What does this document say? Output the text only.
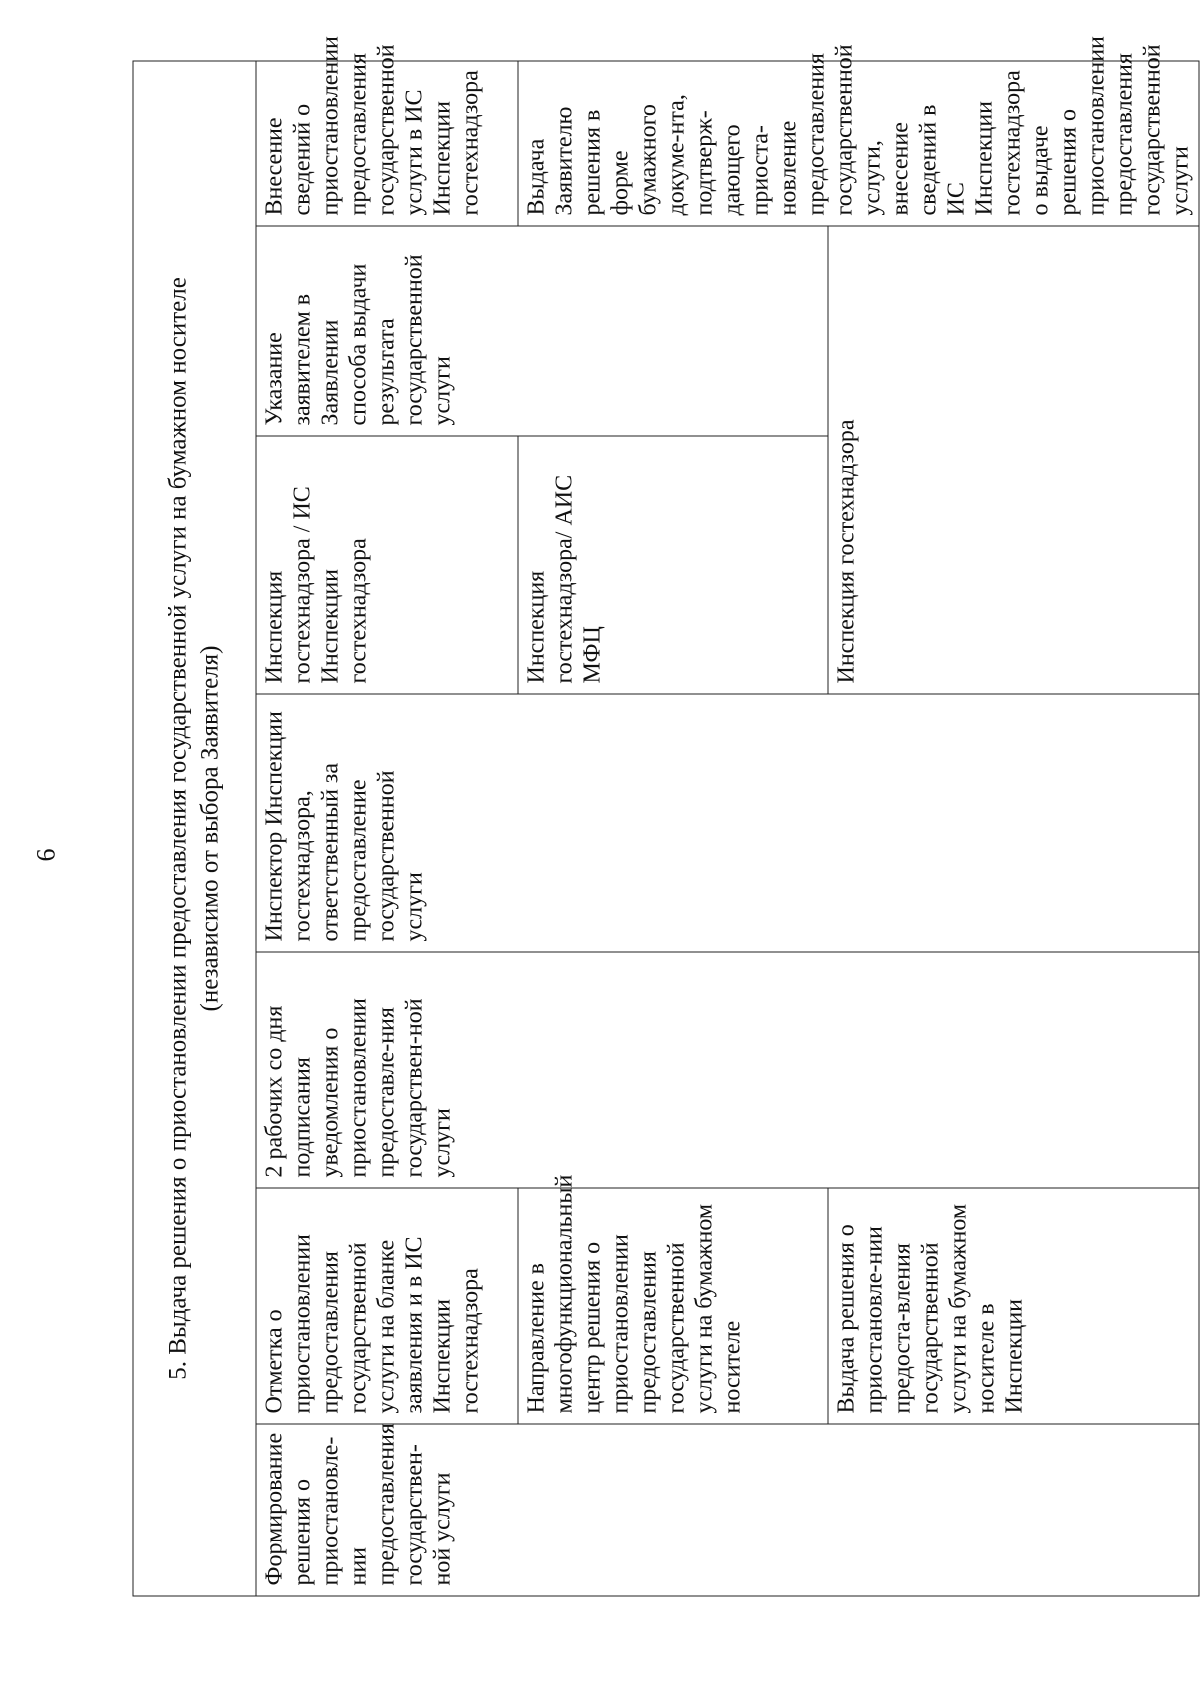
6	5. Выдача решения о приостановлении предоставления государственной услуги на бумажном носителе (независимо от выбора Заявителя)						

Формирование решения о приостановле-нии предоставления государствен-ной услуги	Отметка о приостановлении предоставления государственной услуги на бланке заявления и в ИС Инспекции гостехнадзора	2 рабочих со дня подписания уведомления о приостановлении предоставле-ния государствен-ной услуги	Инспектор Инспекции гостехнадзора, ответственный за предоставление государственной услуги	Инспекция гостехнадзора / ИС Инспекции гостехнадзора	Указание заявителем в Заявлении способа выдачи результата государственной услуги	Внесение сведений о приостановлении предоставления государственной услуги в ИС Инспекции гостехнадзора
	Направление в многофункциональный центр решения о приостановлении предоставления государственной услуги на бумажном носителе			Инспекция гостехнадзора/ АИС МФЦ		Выдача Заявителю решения в форме бумажного докуме-нта, подтверж-дающего приоста-новление предоставления государственной услуги, внесение сведений в ИС Инспекции гостехнадзора о выдаче решения о приостановлении предоставления государственной услуги
	Выдача решения о приостановле-нии предоста-вления государственной услуги на бумажном носителе в Инспекции			Инспекция гостехнадзора		
